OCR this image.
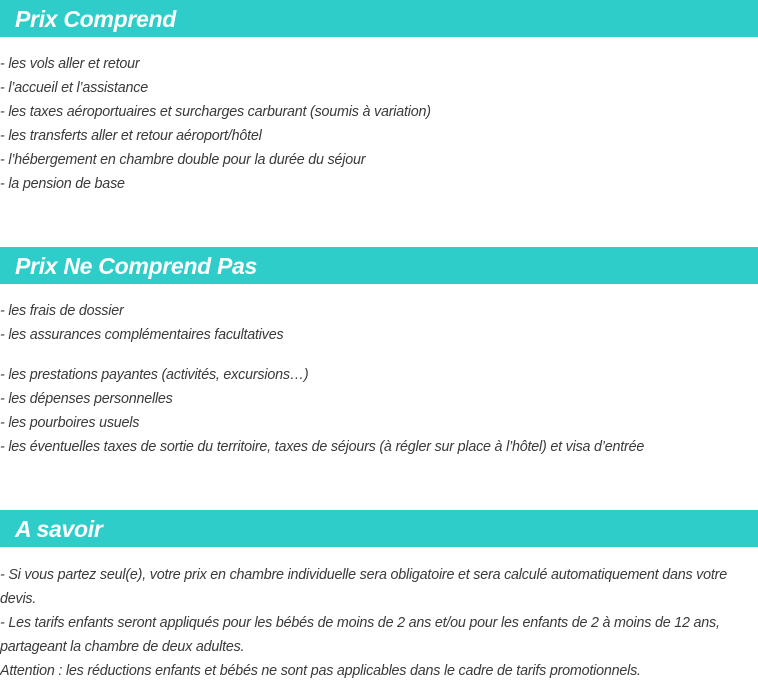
Prix Comprend
- les vols aller et retour
- l’accueil et l’assistance
- les taxes aéroportuaires et surcharges carburant (soumis à variation)
- les transferts aller et retour aéroport/hôtel
- l’hébergement en chambre double pour la durée du séjour
- la pension de base
Prix Ne Comprend Pas
- les frais de dossier
- les assurances complémentaires facultatives
- les prestations payantes (activités, excursions…)
- les dépenses personnelles
- les pourboires usuels
- les éventuelles taxes de sortie du territoire, taxes de séjours (à régler sur place à l’hôtel) et visa d’entrée
A savoir

- Si vous partez seul(e), votre prix en chambre individuelle sera obligatoire et sera calculé automatiquement dans votre devis.

- Les tarifs enfants seront appliqués pour les bébés de moins de 2 ans et/ou pour les enfants de 2 à moins de 12 ans, partageant la chambre de deux adultes.

Attention : les réductions enfants et bébés ne sont pas applicables dans le cadre de tarifs promotionnels.
